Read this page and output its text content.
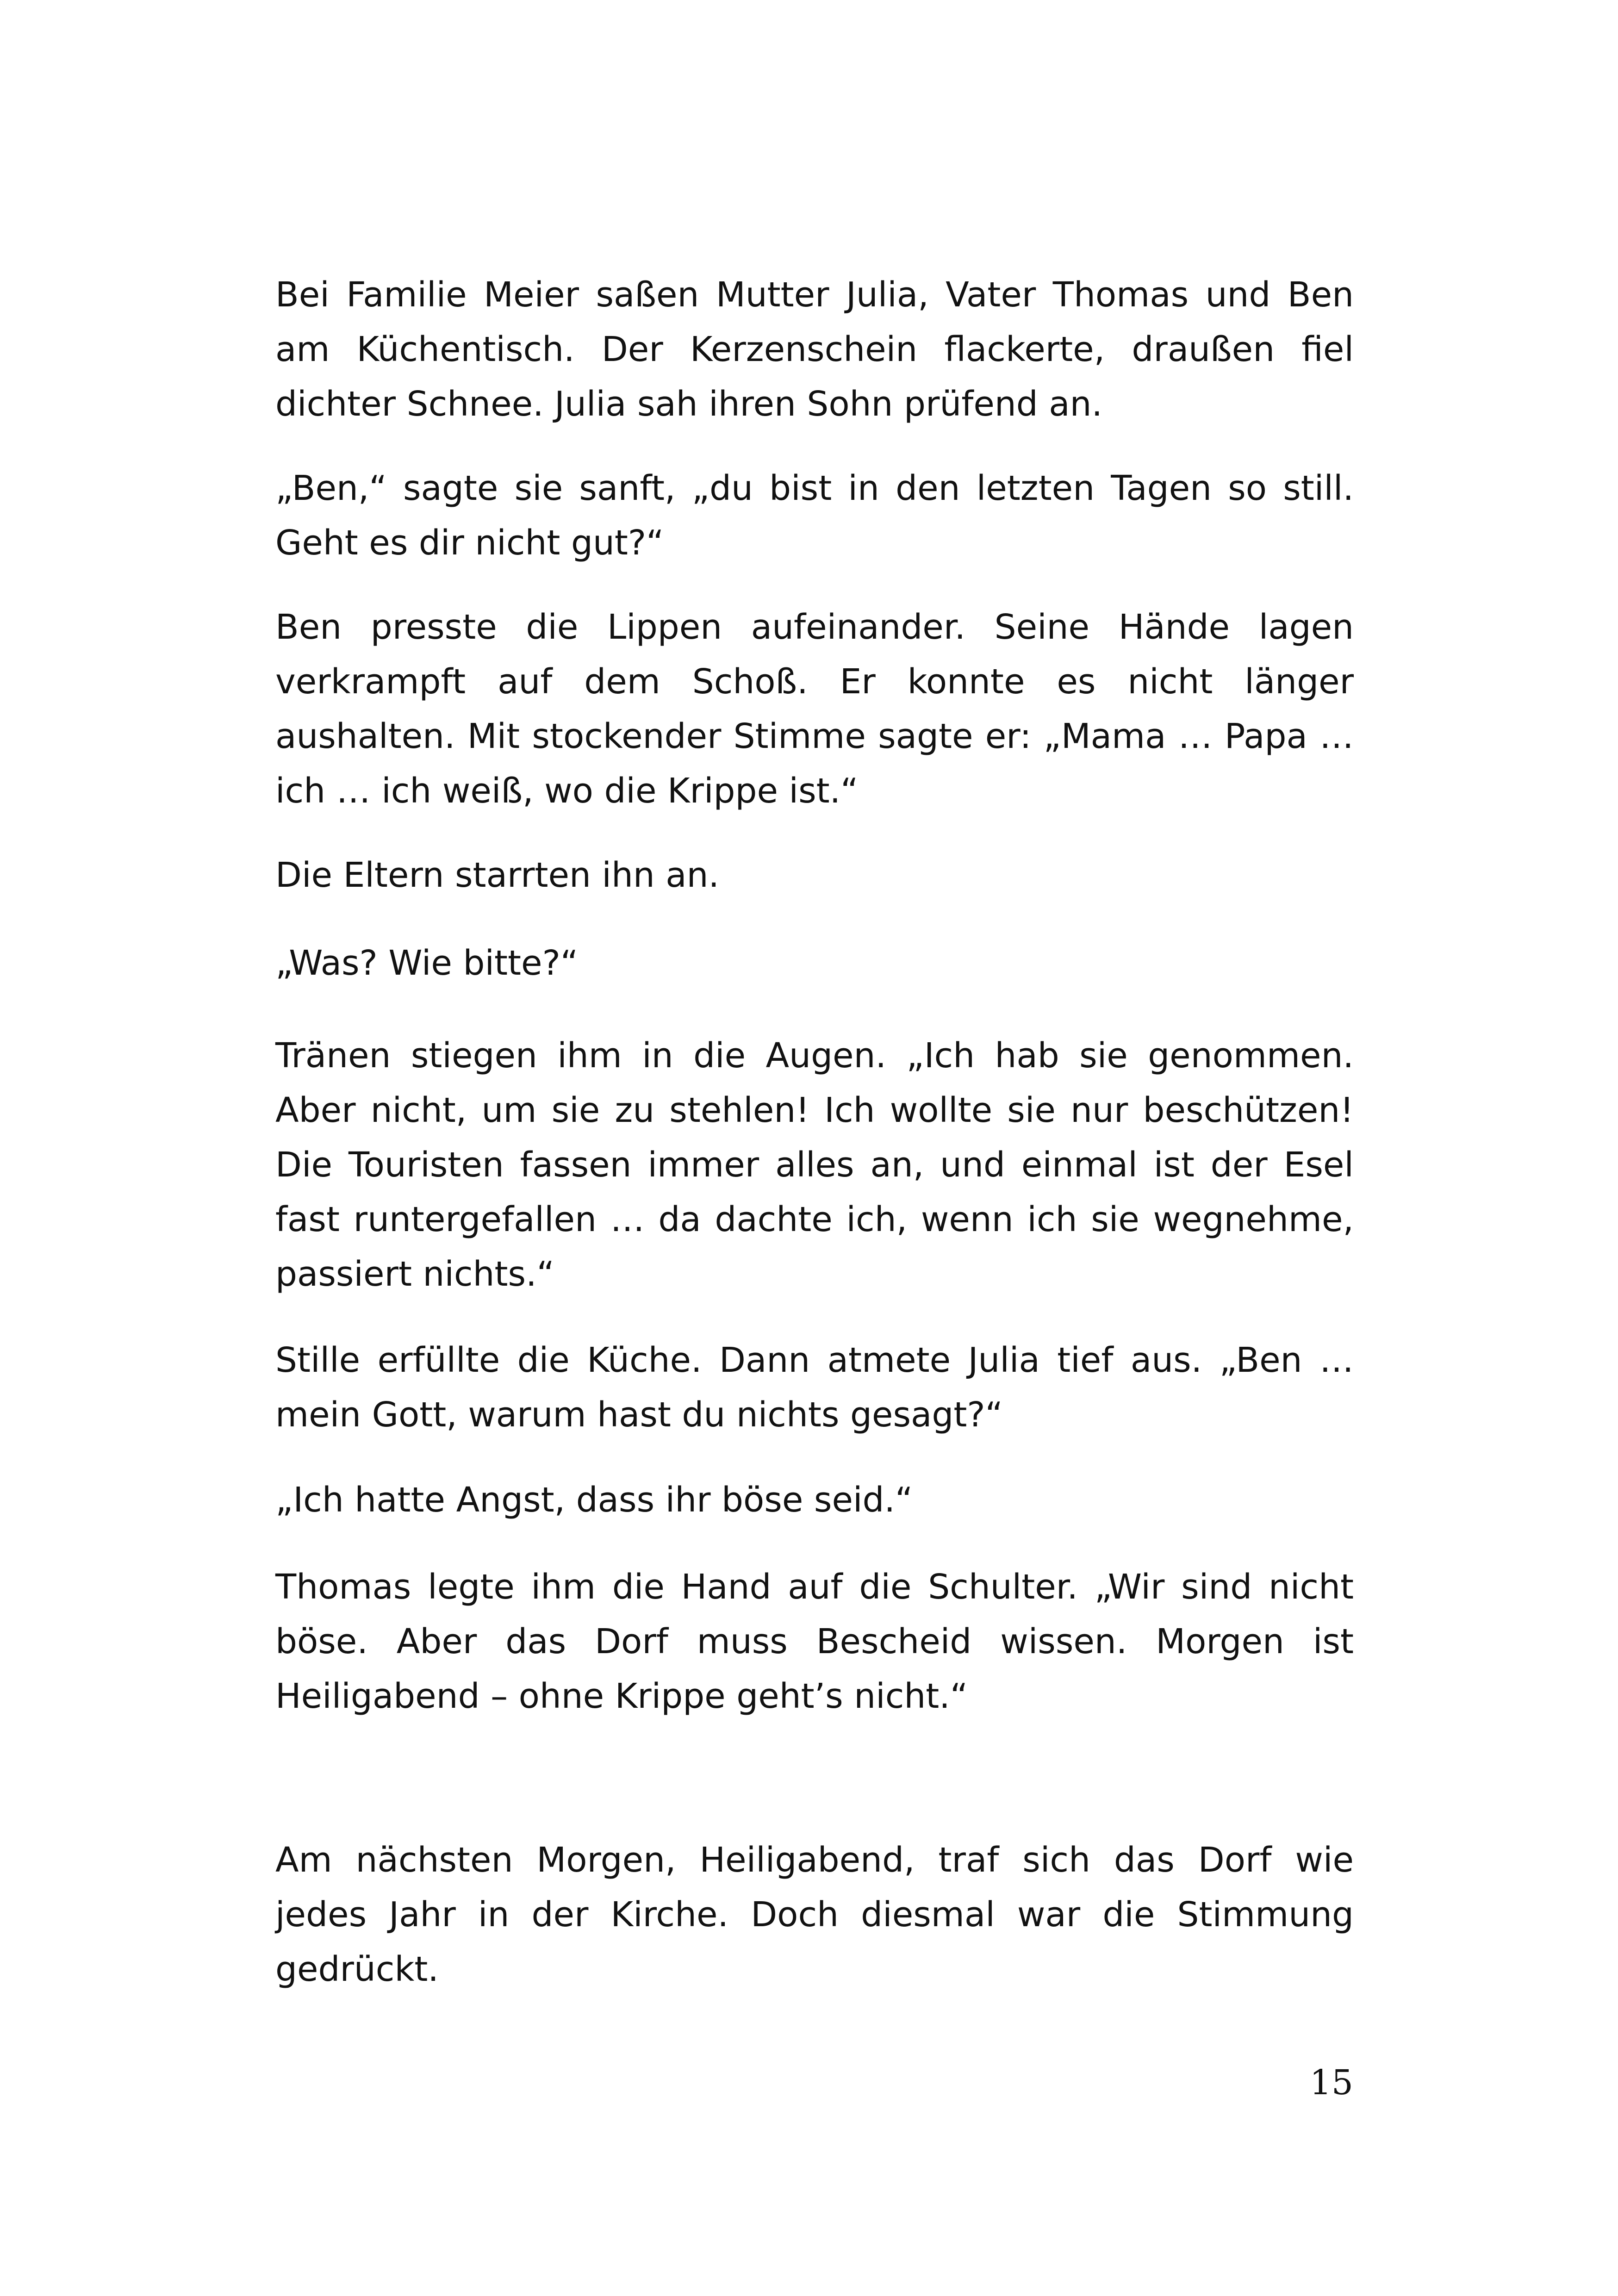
Bei Familie Meier saßen Mutter Julia, Vater Thomas und Ben am Küchentisch. Der Kerzenschein flackerte, draußen fiel dichter Schnee. Julia sah ihren Sohn prüfend an.

„Ben,“ sagte sie sanft, „du bist in den letzten Tagen so still. Geht es dir nicht gut?“

Ben presste die Lippen aufeinander. Seine Hände lagen verkrampft auf dem Schoß. Er konnte es nicht länger aushalten. Mit stockender Stimme sagte er: „Mama … Papa … ich … ich weiß, wo die Krippe ist.“

Die Eltern starrten ihn an.

„Was? Wie bitte?“

Tränen stiegen ihm in die Augen. „Ich hab sie genommen. Aber nicht, um sie zu stehlen! Ich wollte sie nur beschützen! Die Touristen fassen immer alles an, und einmal ist der Esel fast runtergefallen … da dachte ich, wenn ich sie wegnehme, passiert nichts.“

Stille erfüllte die Küche. Dann atmete Julia tief aus. „Ben … mein Gott, warum hast du nichts gesagt?“

„Ich hatte Angst, dass ihr böse seid.“

Thomas legte ihm die Hand auf die Schulter. „Wir sind nicht böse. Aber das Dorf muss Bescheid wissen. Morgen ist Heiligabend – ohne Krippe geht’s nicht.“

Am nächsten Morgen, Heiligabend, traf sich das Dorf wie jedes Jahr in der Kirche. Doch diesmal war die Stimmung gedrückt.

15
